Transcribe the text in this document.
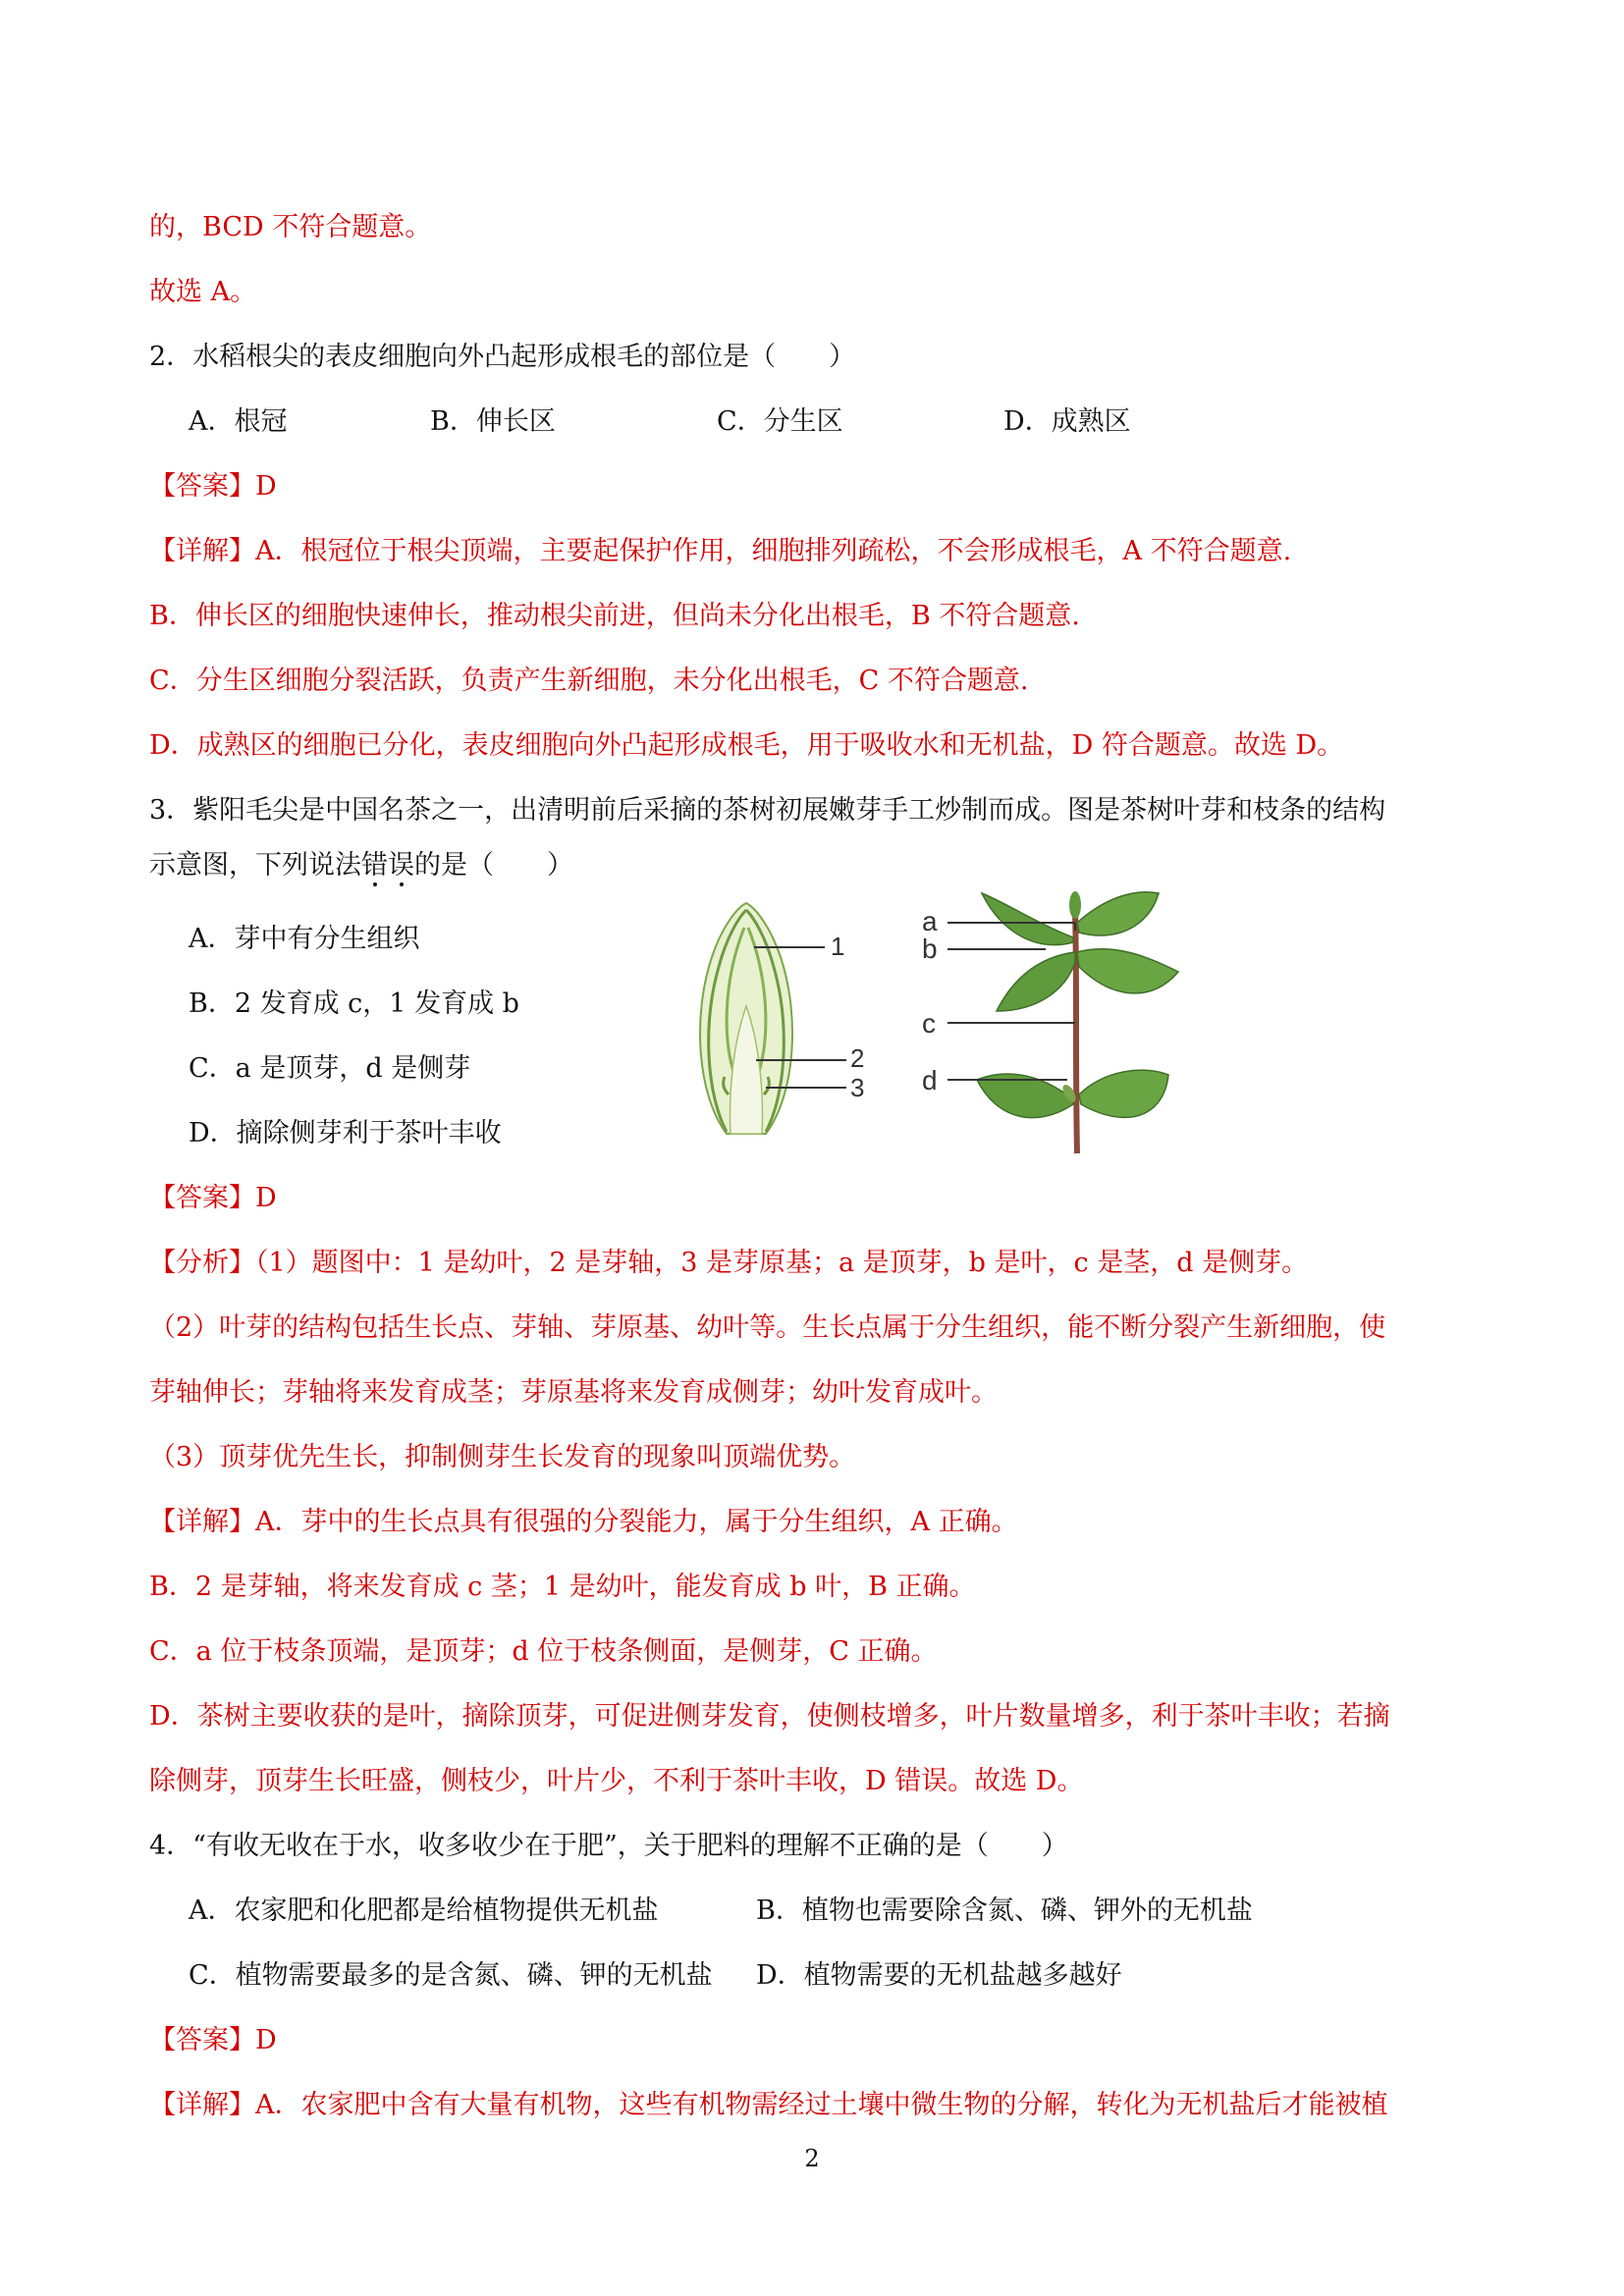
的，BCD 不符合题意。
故选 A。
2．水稻根尖的表皮细胞向外凸起形成根毛的部位是（　　）
A．根冠	B．伸长区	C．分生区	D．成熟区
【答案】D
【详解】A．根冠位于根尖顶端，主要起保护作用，细胞排列疏松，不会形成根毛，A 不符合题意.
B．伸长区的细胞快速伸长，推动根尖前进，但尚未分化出根毛，B 不符合题意.
C．分生区细胞分裂活跃，负责产生新细胞，未分化出根毛，C 不符合题意.
D．成熟区的细胞已分化，表皮细胞向外凸起形成根毛，用于吸收水和无机盐，D 符合题意。故选 D。
3．紫阳毛尖是中国名茶之一，出清明前后采摘的茶树初展嫩芽手工炒制而成。图是茶树叶芽和枝条的结构
示意图，下列说法错误的是（　　）
A．芽中有分生组织
B．2 发育成 c，1 发育成 b
C．a 是顶芽，d 是侧芽
D．摘除侧芽利于茶叶丰收
1
2
3
a
b
c
d
【答案】D
【分析】（1）题图中：1 是幼叶，2 是芽轴，3 是芽原基；a 是顶芽，b 是叶，c 是茎，d 是侧芽。
（2）叶芽的结构包括生长点、芽轴、芽原基、幼叶等。生长点属于分生组织，能不断分裂产生新细胞，使
芽轴伸长；芽轴将来发育成茎；芽原基将来发育成侧芽；幼叶发育成叶。
（3）顶芽优先生长，抑制侧芽生长发育的现象叫顶端优势。
【详解】A．芽中的生长点具有很强的分裂能力，属于分生组织，A 正确。
B．2 是芽轴，将来发育成 c 茎；1 是幼叶，能发育成 b 叶，B 正确。
C．a 位于枝条顶端，是顶芽；d 位于枝条侧面，是侧芽，C 正确。
D．茶树主要收获的是叶，摘除顶芽，可促进侧芽发育，使侧枝增多，叶片数量增多，利于茶叶丰收；若摘
除侧芽，顶芽生长旺盛，侧枝少，叶片少，不利于茶叶丰收，D 错误。故选 D。
4．“有收无收在于水，收多收少在于肥”，关于肥料的理解不正确的是（　　）
A．农家肥和化肥都是给植物提供无机盐	B．植物也需要除含氮、磷、钾外的无机盐
C．植物需要最多的是含氮、磷、钾的无机盐 D．植物需要的无机盐越多越好
【答案】D
【详解】A．农家肥中含有大量有机物，这些有机物需经过土壤中微生物的分解，转化为无机盐后才能被植
2
